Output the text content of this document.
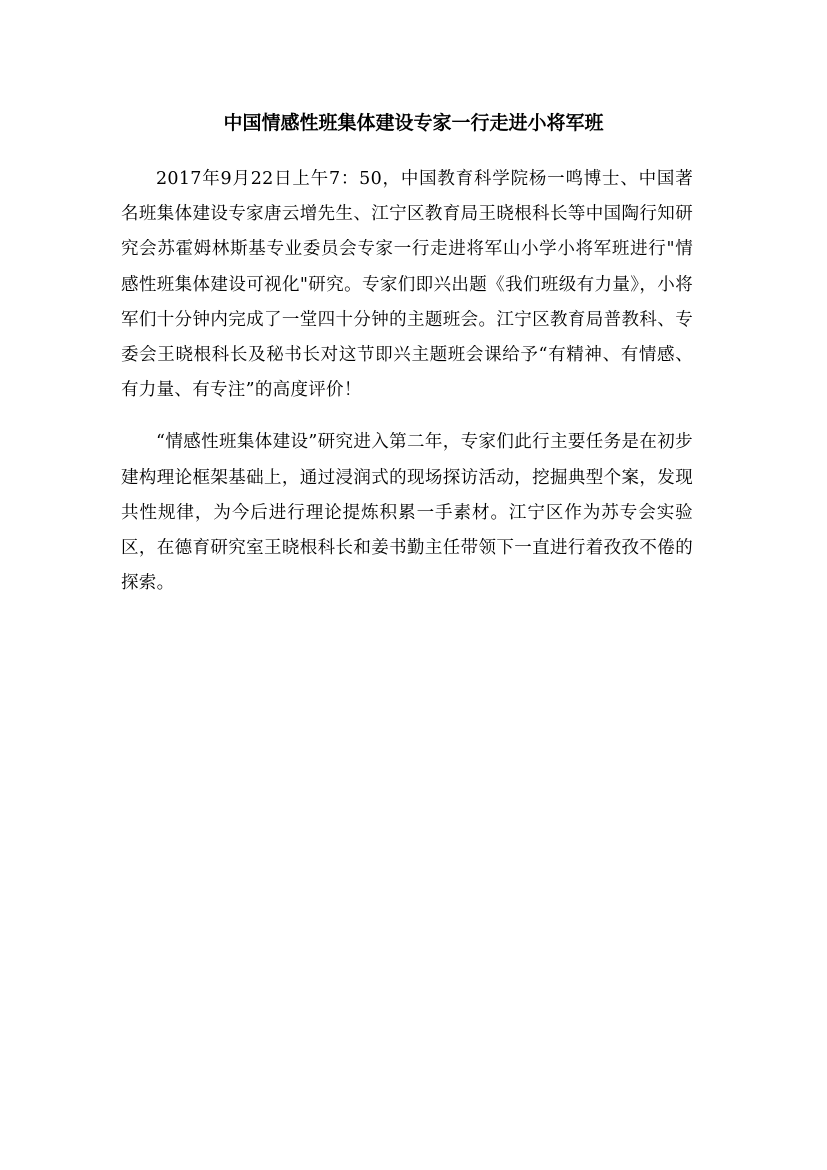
中国情感性班集体建设专家一行走进小将军班

2017年9月22日上午7：50，中国教育科学院杨一鸣博士、中国著名班集体建设专家唐云增先生、江宁区教育局王晓根科长等中国陶行知研究会苏霍姆林斯基专业委员会专家一行走进将军山小学小将军班进行"情感性班集体建设可视化"研究。专家们即兴出题《我们班级有力量》，小将军们十分钟内完成了一堂四十分钟的主题班会。江宁区教育局普教科、专委会王晓根科长及秘书长对这节即兴主题班会课给予“有精神、有情感、有力量、有专注”的高度评价！

“情感性班集体建设”研究进入第二年，专家们此行主要任务是在初步建构理论框架基础上，通过浸润式的现场探访活动，挖掘典型个案，发现共性规律，为今后进行理论提炼积累一手素材。江宁区作为苏专会实验区，在德育研究室王晓根科长和姜书勤主任带领下一直进行着孜孜不倦的探索。
